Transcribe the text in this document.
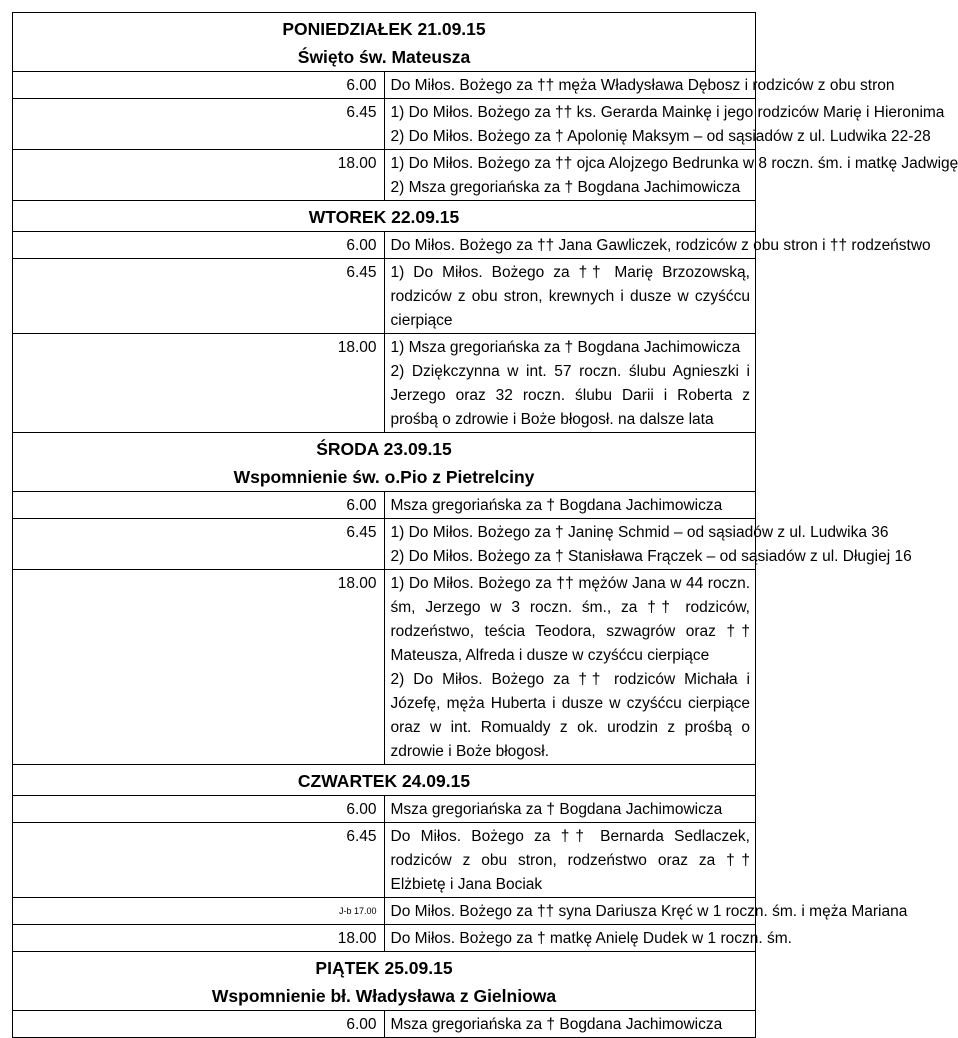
PONIEDZIAŁEK 21.09.15
Święto św. Mateusza	

6.00	Do Miłos. Bożego za †† męża Władysława Dębosz i rodziców z obu stron

6.45	1) Do Miłos. Bożego za †† ks. Gerarda Mainkę i jego rodziców Marię i Hieronima
2) Do Miłos. Bożego za † Apolonię Maksym – od sąsiadów z ul. Ludwika 22-28

18.00	1) Do Miłos. Bożego za †† ojca Alojzego Bedrunka w 8 roczn. śm. i matkę Jadwigę
2) Msza gregoriańska za † Bogdana Jachimowicza

WTOREK 22.09.15	

6.00	Do Miłos. Bożego za †† Jana Gawliczek, rodziców z obu stron i †† rodzeństwo

6.45	1) Do Miłos. Bożego za †† Marię Brzozowską, rodziców z obu stron, krewnych i dusze w czyśćcu cierpiące

18.00	1) Msza gregoriańska za † Bogdana Jachimowicza
2) Dziękczynna w int. 57 roczn. ślubu Agnieszki i Jerzego oraz 32 roczn. ślubu Darii i Roberta z prośbą o zdrowie i Boże błogosł. na dalsze lata

ŚRODA 23.09.15
Wspomnienie św. o.Pio z Pietrelciny	

6.00	Msza gregoriańska za † Bogdana Jachimowicza

6.45	1) Do Miłos. Bożego za † Janinę Schmid – od sąsiadów z ul. Ludwika 36
2) Do Miłos. Bożego za † Stanisława Frączek – od sąsiadów z ul. Długiej 16

18.00	1) Do Miłos. Bożego za †† mężów Jana w 44 roczn. śm, Jerzego w 3 roczn. śm., za †† rodziców, rodzeństwo, teścia Teodora, szwagrów oraz †† Mateusza, Alfreda i dusze w czyśćcu cierpiące
2) Do Miłos. Bożego za †† rodziców Michała i Józefę, męża Huberta i dusze w czyśćcu cierpiące oraz w int. Romualdy z ok. urodzin z prośbą o zdrowie i Boże błogosł.

CZWARTEK 24.09.15	

6.00	Msza gregoriańska za † Bogdana Jachimowicza

6.45	Do Miłos. Bożego za †† Bernarda Sedlaczek, rodziców z obu stron, rodzeństwo oraz za †† Elżbietę i Jana Bociak

J-b 17.00	Do Miłos. Bożego za †† syna Dariusza Kręć w 1 roczn. śm. i męża Mariana

18.00	Do Miłos. Bożego za † matkę Anielę Dudek w 1 roczn. śm.

PIĄTEK 25.09.15
Wspomnienie bł. Władysława z Gielniowa	

6.00	Msza gregoriańska za † Bogdana Jachimowicza
